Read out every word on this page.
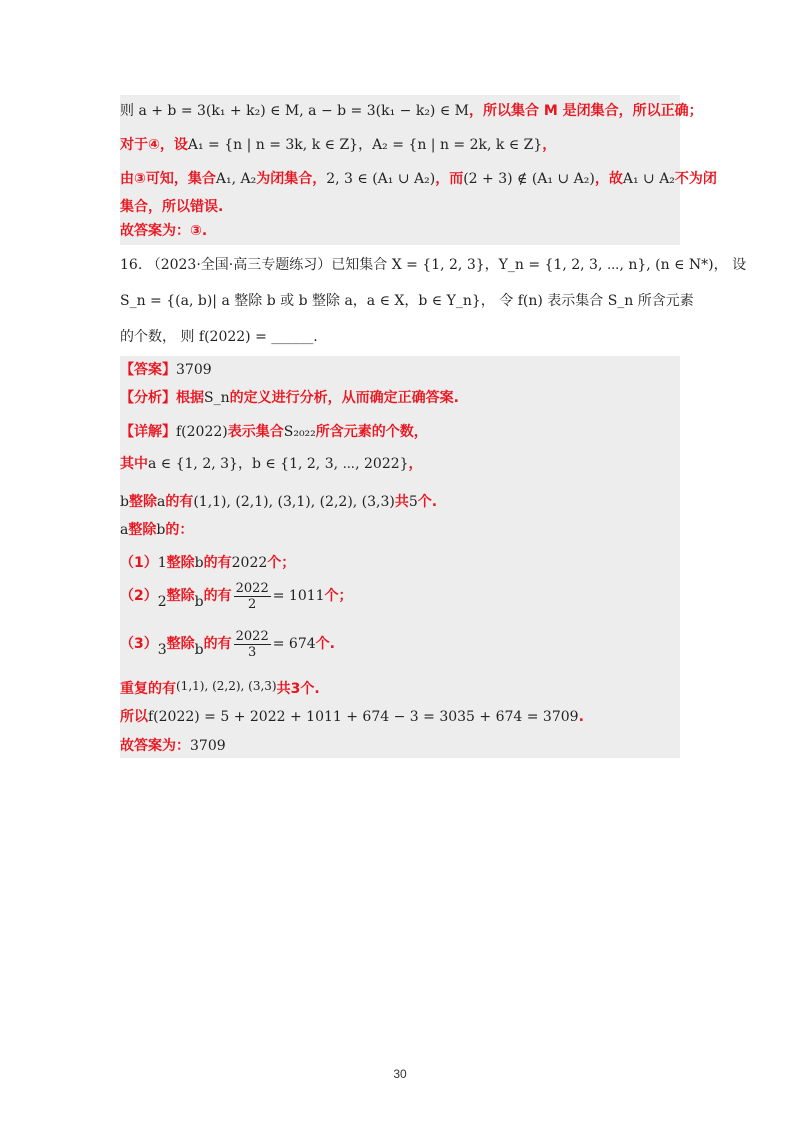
则 a + b = 3(k₁ + k₂) ∈ M, a − b = 3(k₁ − k₂) ∈ M，所以集合 M 是闭集合，所以正确；
对于④，设A₁ = {n | n = 3k, k ∈ Z}，A₂ = {n | n = 2k, k ∈ Z}，
由③可知，集合A₁, A₂为闭集合，2, 3 ∈ (A₁ ∪ A₂)，而(2 + 3) ∉ (A₁ ∪ A₂)，故A₁ ∪ A₂不为闭
集合，所以错误.
故答案为：③.
16. （2023·全国·高三专题练习）已知集合 X = {1, 2, 3}，Y_n = {1, 2, 3, ⋯, n}, (n ∈ N*)， 设
S_n = {(a, b)| a 整除 b 或 b 整除 a，a ∈ X，b ∈ Y_n}， 令 f(n) 表示集合 S_n 所含元素
的个数， 则 f(2022) = ______.
【答案】3709
【分析】根据S_n的定义进行分析，从而确定正确答案.
【详解】f(2022)表示集合S₂₀₂₂所含元素的个数，
其中a ∈ {1, 2, 3}，b ∈ {1, 2, 3, ⋯, 2022}，
b整除a的有(1,1), (2,1), (3,1), (2,2), (3,3)共5个.
a整除b的：
（1）1整除b的有2022个；
（2）2整除b的有 $\frac{2022}{2} = 1011$个；
（3）3整除b的有 $\frac{2022}{3} = 674$个.
重复的有(1,1), (2,2), (3,3)共3个.
所以f(2022) = 5 + 2022 + 1011 + 674 − 3 = 3035 + 674 = 3709.
故答案为：3709
30
